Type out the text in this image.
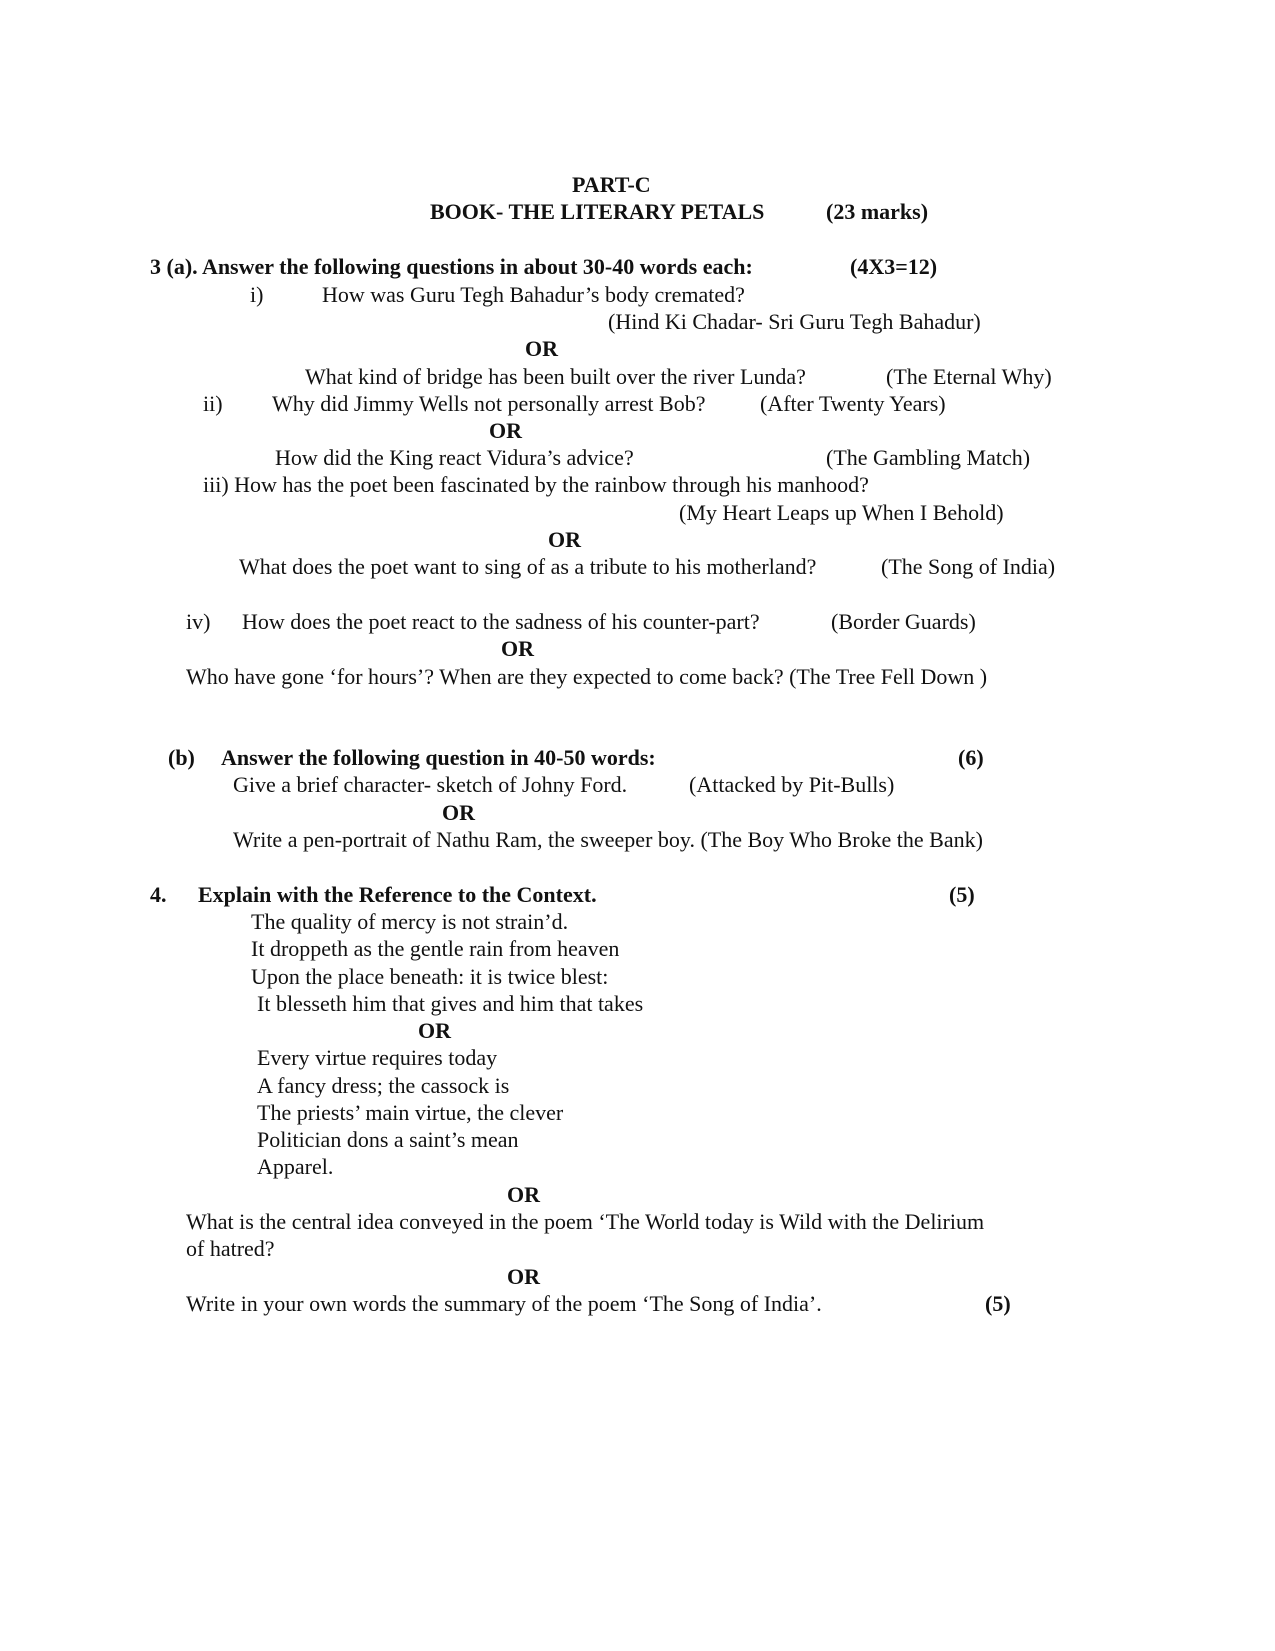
PART-C
BOOK- THE LITERARY PETALS	(23 marks)
3 (a). Answer the following questions in about 30-40 words each:	(4X3=12)
i)	How was Guru Tegh Bahadur’s body cremated?
(Hind Ki Chadar- Sri Guru Tegh Bahadur)
OR
What kind of bridge has been built over the river Lunda?	(The Eternal Why)
ii) Why did Jimmy Wells not personally arrest Bob? (After Twenty Years)
OR
How did the King react Vidura’s advice?	(The Gambling Match)
iii) How has the poet been fascinated by the rainbow through his manhood?
(My Heart Leaps up When I Behold)
OR
What does the poet want to sing of as a tribute to his motherland?	(The Song of India)
iv) How does the poet react to the sadness of his counter-part?	(Border Guards)
OR
Who have gone ‘for hours’? When are they expected to come back? (The Tree Fell Down )
(b) Answer the following question in 40-50 words:	(6)
Give a brief character- sketch of Johny Ford.	(Attacked by Pit-Bulls)
OR
Write a pen-portrait of Nathu Ram, the sweeper boy. (The Boy Who Broke the Bank)
4. Explain with the Reference to the Context.	(5)
The quality of mercy is not strain’d.
It droppeth as the gentle rain from heaven
Upon the place beneath: it is twice blest:
It blesseth him that gives and him that takes
OR
Every virtue requires today
A fancy dress; the cassock is
The priests’ main virtue, the clever
Politician dons a saint’s mean
Apparel.
OR
What is the central idea conveyed in the poem ‘The World today is Wild with the Delirium
of hatred?
OR
Write in your own words the summary of the poem ‘The Song of India’.	(5)
